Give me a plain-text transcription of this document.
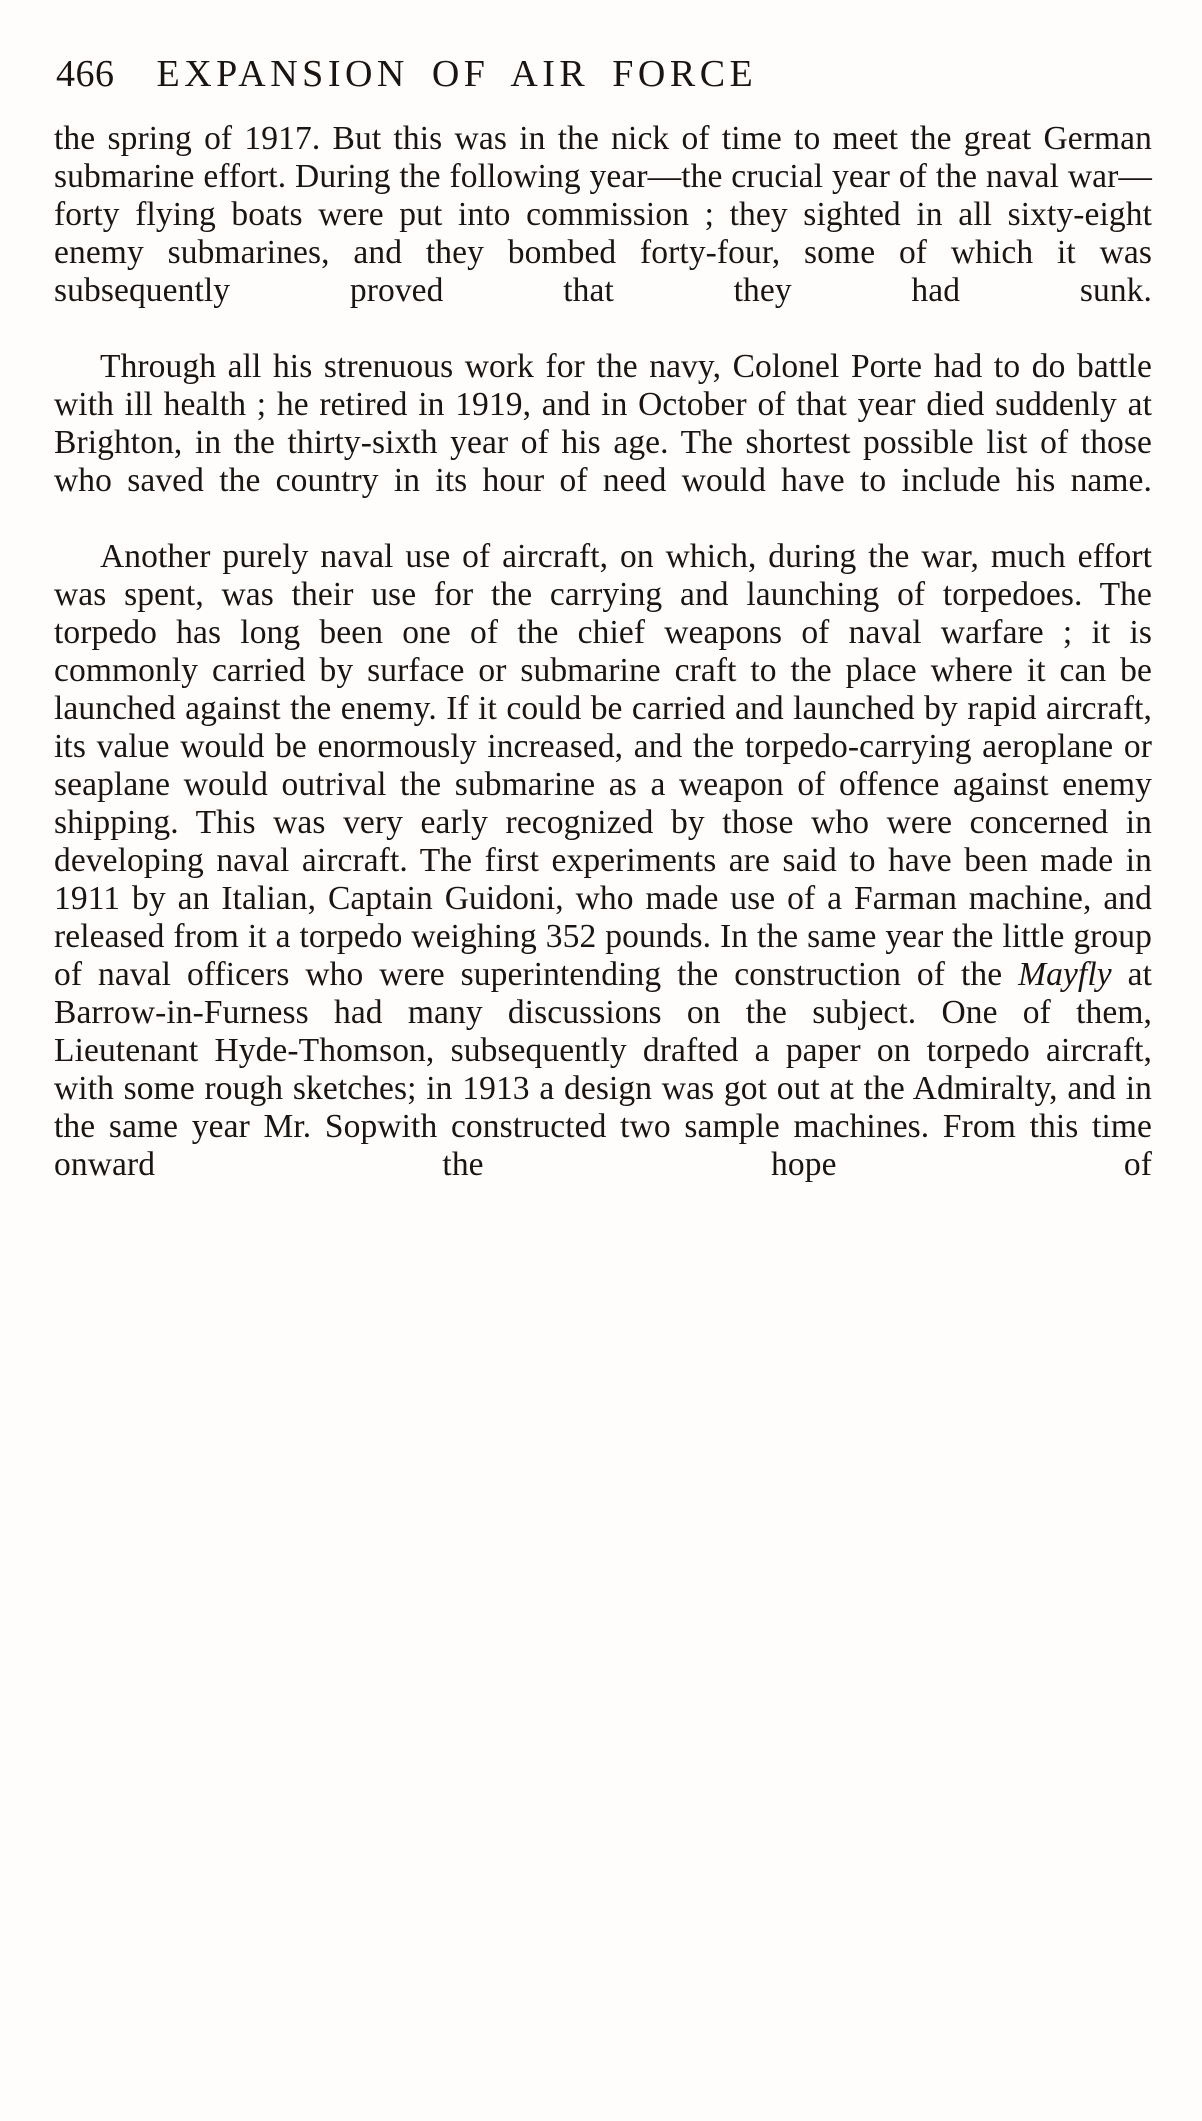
466 EXPANSION OF AIR FORCE

the spring of 1917. But this was in the nick of time to meet the great German submarine effort. During the following year—the crucial year of the naval war—forty flying boats were put into commission ; they sighted in all sixty-eight enemy submarines, and they bombed forty-four, some of which it was subsequently proved that they had sunk.

Through all his strenuous work for the navy, Colonel Porte had to do battle with ill health ; he retired in 1919, and in October of that year died suddenly at Brighton, in the thirty-sixth year of his age. The shortest possible list of those who saved the country in its hour of need would have to include his name.

Another purely naval use of aircraft, on which, during the war, much effort was spent, was their use for the carrying and launching of torpedoes. The torpedo has long been one of the chief weapons of naval warfare ; it is commonly carried by surface or submarine craft to the place where it can be launched against the enemy. If it could be carried and launched by rapid aircraft, its value would be enormously increased, and the torpedo-carrying aeroplane or seaplane would outrival the submarine as a weapon of offence against enemy shipping. This was very early recognized by those who were concerned in developing naval aircraft. The first experiments are said to have been made in 1911 by an Italian, Captain Guidoni, who made use of a Farman machine, and released from it a torpedo weighing 352 pounds. In the same year the little group of naval officers who were superintending the construction of the Mayfly at Barrow-in-Furness had many discussions on the subject. One of them, Lieutenant Hyde-Thomson, subsequently drafted a paper on torpedo aircraft, with some rough sketches; in 1913 a design was got out at the Admiralty, and in the same year Mr. Sopwith constructed two sample machines. From this time onward the hope of
